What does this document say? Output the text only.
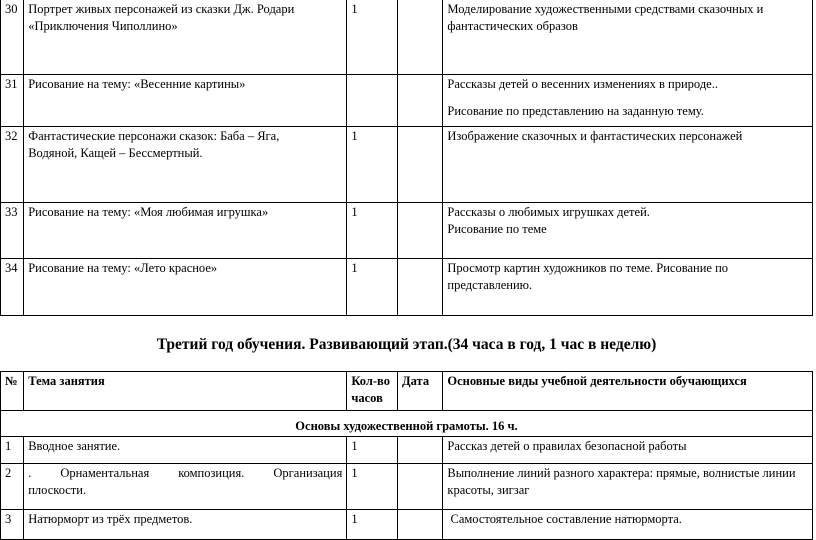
30	Портрет живых персонажей из сказки Дж. Родари «Приключения Чиполлино»	1		Моделирование художественными средствами сказочных и фантастических образов
31	Рисование на тему: «Весенние картины»			Рассказы детей о весенних изменениях в природе..
Рисование по представлению на заданную тему.

32	Фантастические персонажи сказок: Баба – Яга,
Водяной, Кащей – Бессмертный.	1		Изображение сказочных и фантастических персонажей
33	Рисование на тему: «Моя любимая игрушка»	1		Рассказы о любимых игрушках детей.
Рисование по теме

34	Рисование на тему: «Лето красное»	1		Просмотр картин художников по теме. Рисование по представлению.
Третий год обучения. Развивающий этап.(34 часа в год, 1 час в неделю)
№	Тема занятия	Кол-во
часов	Дата	Основные виды учебной деятельности обучающихся
Основы художественной грамоты. 16 ч.				
1	Вводное занятие.	1		Рассказ детей о правилах безопасной работы
2	. Орнаментальная композиция. Организация
плоскости.	1		Выполнение линий разного характера: прямые, волнистые линии красоты, зигзаг
3	Натюрморт из трёх предметов.	1		Самостоятельное составление натюрморта.
